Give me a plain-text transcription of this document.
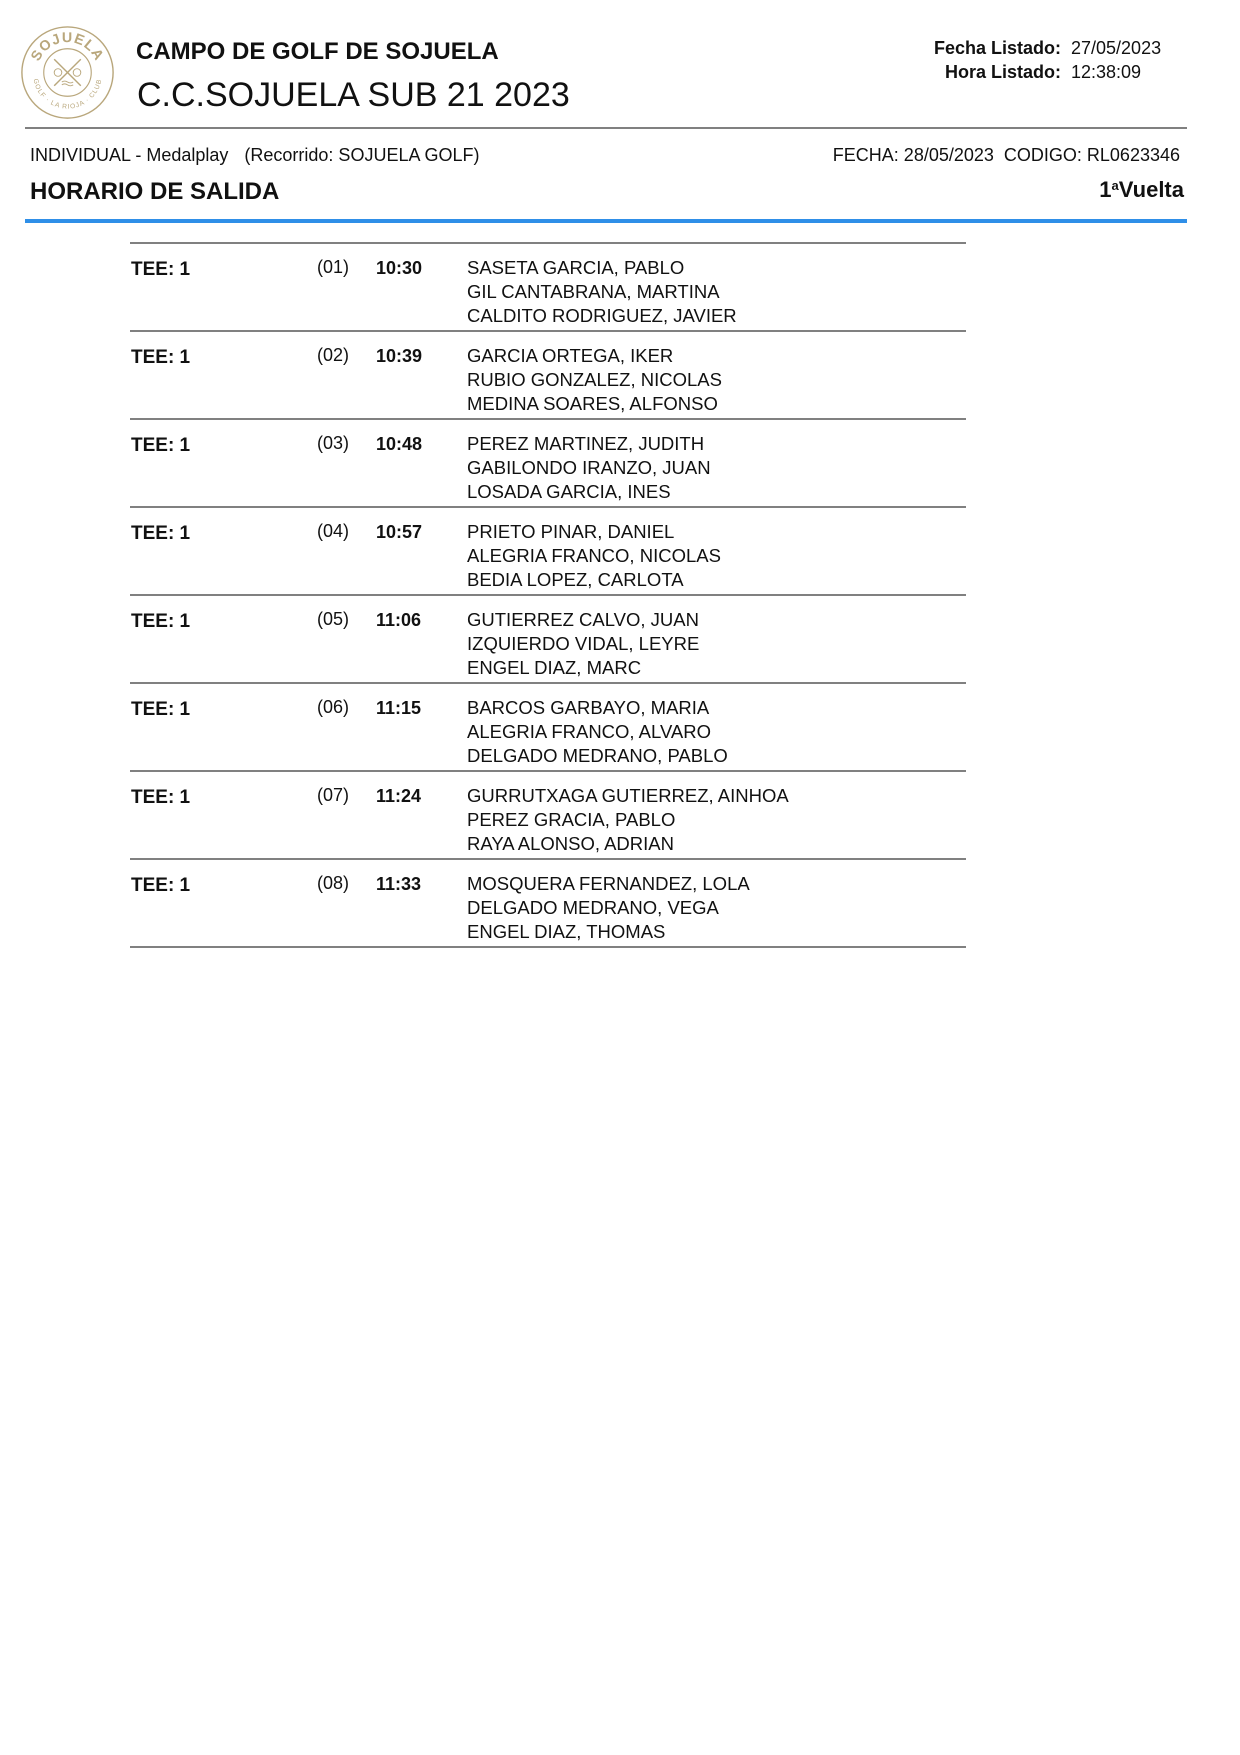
SOJUELA
GOLF · LA RIOJA · CLUB
CAMPO DE GOLF DE SOJUELA
C.C.SOJUELA SUB 21 2023
Fecha Listado: 27/05/2023
Hora Listado: 12:38:09
INDIVIDUAL - Medalplay (Recorrido: SOJUELA GOLF)	FECHA: 28/05/2023 CODIGO: RL0623346
HORARIO DE SALIDA	1$^a$Vuelta
TEE: 1	(01) 10:30 SASETA GARCIA, PABLO
GIL CANTABRANA, MARTINA
CALDITO RODRIGUEZ, JAVIER
TEE: 1	(02) 10:39 GARCIA ORTEGA, IKER
RUBIO GONZALEZ, NICOLAS
MEDINA SOARES, ALFONSO
TEE: 1	(03) 10:48 PEREZ MARTINEZ, JUDITH
GABILONDO IRANZO, JUAN
LOSADA GARCIA, INES
TEE: 1	(04) 10:57 PRIETO PINAR, DANIEL
ALEGRIA FRANCO, NICOLAS
BEDIA LOPEZ, CARLOTA
TEE: 1	(05) 11:06 GUTIERREZ CALVO, JUAN
IZQUIERDO VIDAL, LEYRE
ENGEL DIAZ, MARC
TEE: 1	(06) 11:15 BARCOS GARBAYO, MARIA
ALEGRIA FRANCO, ALVARO
DELGADO MEDRANO, PABLO
TEE: 1	(07) 11:24 GURRUTXAGA GUTIERREZ, AINHOA
PEREZ GRACIA, PABLO
RAYA ALONSO, ADRIAN
TEE: 1	(08) 11:33 MOSQUERA FERNANDEZ, LOLA
DELGADO MEDRANO, VEGA
ENGEL DIAZ, THOMAS
